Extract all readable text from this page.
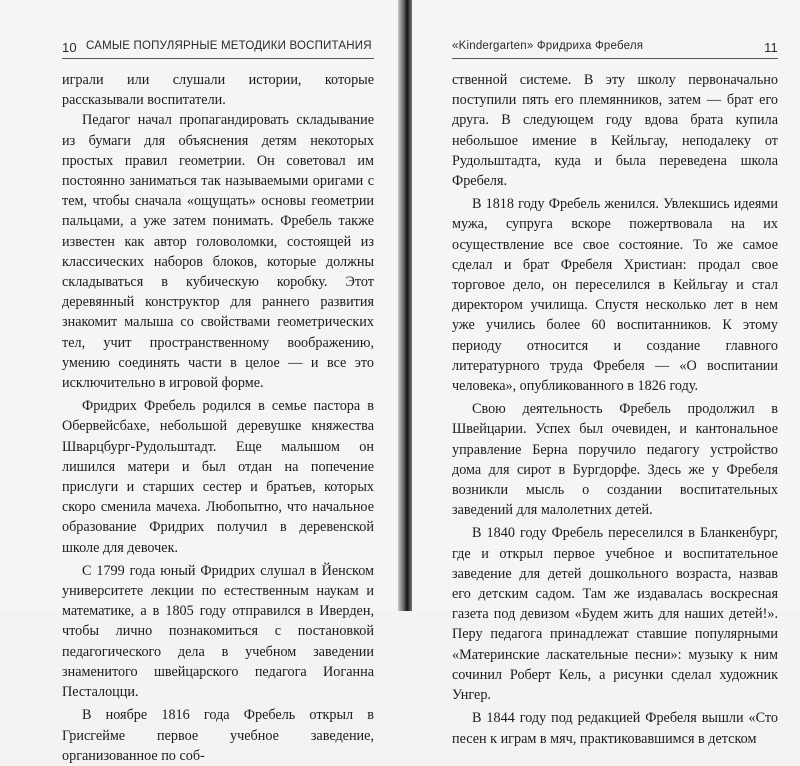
10 САМЫЕ ПОПУЛЯРНЫЕ МЕТОДИКИ ВОСПИТАНИЯ

играли или слушали истории, которые рассказывали воспитатели.

Педагог начал пропагандировать складывание из бумаги для объяснения детям некоторых простых правил геометрии. Он советовал им постоянно заниматься так называемыми оригами с тем, чтобы сначала «ощущать» основы геометрии пальцами, а уже затем понимать. Фребель также известен как автор головоломки, состоящей из классических наборов блоков, которые должны складываться в кубическую коробку. Этот деревянный конструктор для раннего развития знакомит малыша со свойствами геометрических тел, учит пространственному воображению, умению соединять части в целое — и все это исключительно в игровой форме.

Фридрих Фребель родился в семье пастора в Обервейсбахе, небольшой деревушке княжества Шварцбург-Рудольштадт. Еще малышом он лишился матери и был отдан на попечение прислуги и старших сестер и братьев, которых скоро сменила мачеха. Любопытно, что начальное образование Фридрих получил в деревенской школе для девочек.

С 1799 года юный Фридрих слушал в Йенском университете лекции по естественным наукам и математике, а в 1805 году отправился в Иверден, чтобы лично познакомиться с постановкой педагогического дела в учебном заведении знаменитого швейцарского педагога Иоганна Песталоцци.

В ноябре 1816 года Фребель открыл в Грисгейме первое учебное заведение, организованное по соб-

«Kindergarten» Фридриха Фребеля	11

ственной системе. В эту школу первоначально поступили пять его племянников, затем — брат его друга. В следующем году вдова брата купила небольшое имение в Кейльгау, неподалеку от Рудольштадта, куда и была переведена школа Фребеля.

В 1818 году Фребель женился. Увлекшись идеями мужа, супруга вскоре пожертвовала на их осуществление все свое состояние. То же самое сделал и брат Фребеля Христиан: продал свое торговое дело, он переселился в Кейльгау и стал директором училища. Спустя несколько лет в нем уже учились более 60 воспитанников. К этому периоду относится и создание главного литературного труда Фребеля — «О воспитании человека», опубликованного в 1826 году.

Свою деятельность Фребель продолжил в Швейцарии. Успех был очевиден, и кантональное управление Берна поручило педагогу устройство дома для сирот в Бургдорфе. Здесь же у Фребеля возникли мысль о создании воспитательных заведений для малолетних детей.

В 1840 году Фребель переселился в Бланкенбург, где и открыл первое учебное и воспитательное заведение для детей дошкольного возраста, назвав его детским садом. Там же издавалась воскресная газета под девизом «Будем жить для наших детей!». Перу педагога принадлежат ставшие популярными «Материнские ласкательные песни»: музыку к ним сочинил Роберт Кель, а рисунки сделал художник Унгер.

В 1844 году под редакцией Фребеля вышли «Сто песен к играм в мяч, практиковавшимся в детском
